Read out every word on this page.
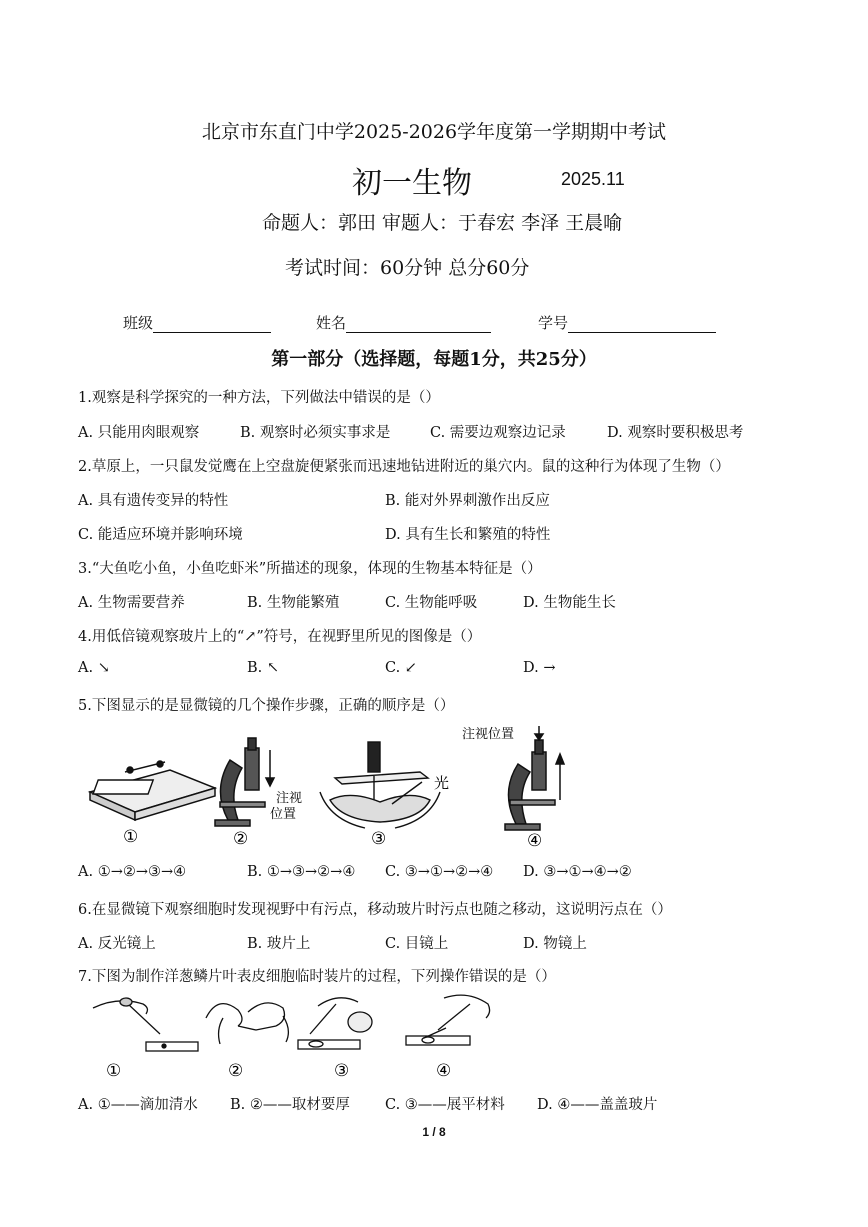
北京市东直门中学2025-2026学年度第一学期期中考试
初一生物	2025.11
命题人：郭田 审题人：于春宏 李泽 王晨喻
考试时间：60分钟 总分60分
班级	姓名	学号
第一部分（选择题，每题1分，共25分）
1.观察是科学探究的一种方法，下列做法中错误的是（）
A. 只能用肉眼观察	B. 观察时必须实事求是	C. 需要边观察边记录	D. 观察时要积极思考
2.草原上，一只鼠发觉鹰在上空盘旋便紧张而迅速地钻进附近的巢穴内。鼠的这种行为体现了生物（）
A. 具有遗传变异的特性	B. 能对外界刺激作出反应
C. 能适应环境并影响环境	D. 具有生长和繁殖的特性
3.“大鱼吃小鱼，小鱼吃虾米”所描述的现象，体现的生物基本特征是（）
A. 生物需要营养	B. 生物能繁殖	C. 生物能呼吸	D. 生物能生长
4.用低倍镜观察玻片上的“↗”符号，在视野里所见的图像是（）
A. ↘	B. ↖	C. ↙	D. →
5.下图显示的是显微镜的几个操作步骤，正确的顺序是（）
①
注视
位置
②
光
③
注视位置
④
A. ①→②→③→④	B. ①→③→②→④ C. ③→①→②→④ D. ③→①→④→②
6.在显微镜下观察细胞时发现视野中有污点，移动玻片时污点也随之移动，这说明污点在（）
A. 反光镜上	B. 玻片上	C. 目镜上	D. 物镜上
7.下图为制作洋葱鳞片叶表皮细胞临时装片的过程，下列操作错误的是（）
①	②	③	④
A. ①——滴加清水 B. ②——取材要厚 C. ③——展平材料 D. ④——盖盖玻片
1 / 8
